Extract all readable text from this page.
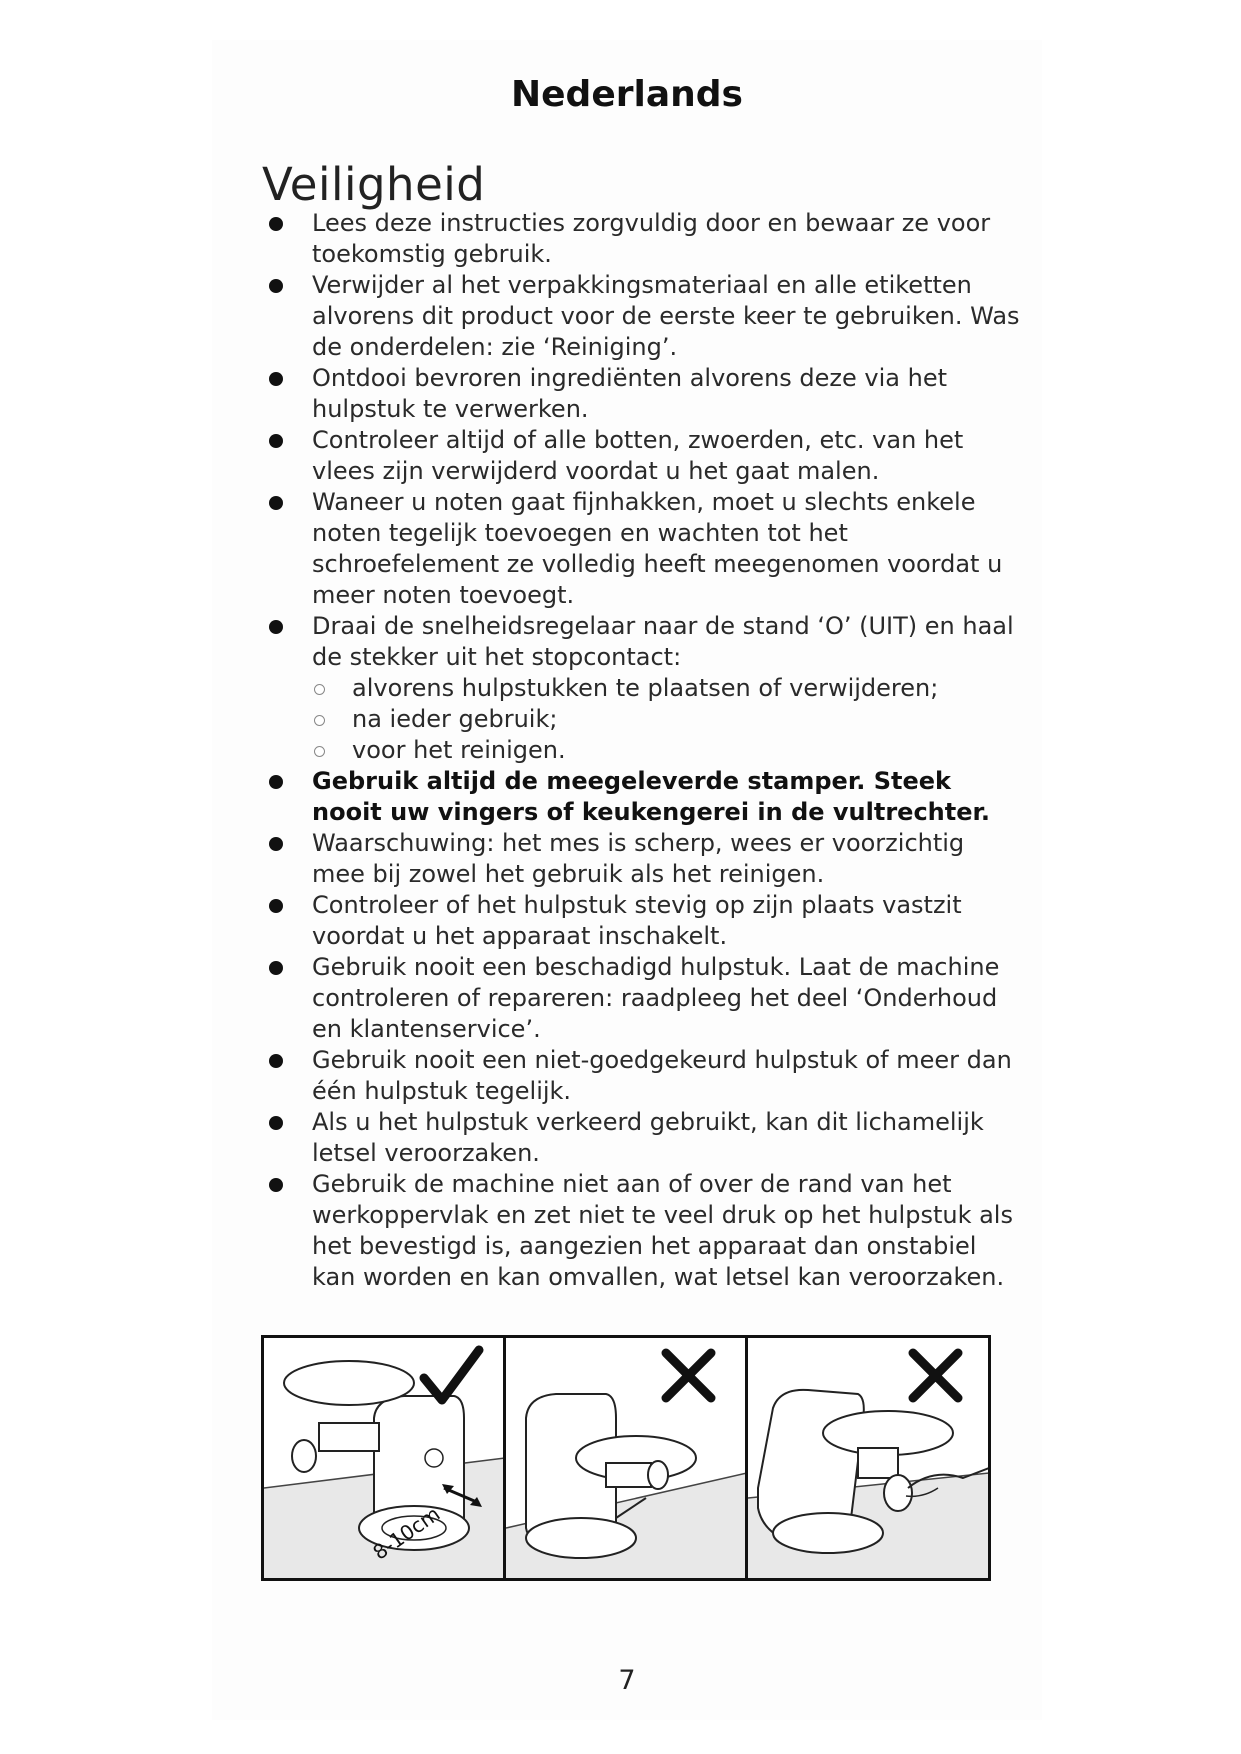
Nederlands
Veiligheid
Lees deze instructies zorgvuldig door en bewaar ze voor toekomstig gebruik.
Verwijder al het verpakkingsmateriaal en alle etiketten alvorens dit product voor de eerste keer te gebruiken. Was de onderdelen: zie ‘Reiniging’.
Ontdooi bevroren ingrediënten alvorens deze via het hulpstuk te verwerken.
Controleer altijd of alle botten, zwoerden, etc. van het vlees zijn verwijderd voordat u het gaat malen.
Waneer u noten gaat fijnhakken, moet u slechts enkele noten tegelijk toevoegen en wachten tot het schroefelement ze volledig heeft meegenomen voordat u meer noten toevoegt.
Draai de snelheidsregelaar naar de stand ‘O’ (UIT) en haal de stekker uit het stopcontact:
alvorens hulpstukken te plaatsen of verwijderen;
na ieder gebruik;
voor het reinigen.
Gebruik altijd de meegeleverde stamper. Steek nooit uw vingers of keukengerei in de vultrechter.
Waarschuwing: het mes is scherp, wees er voorzichtig mee bij zowel het gebruik als het reinigen.
Controleer of het hulpstuk stevig op zijn plaats vastzit voordat u het apparaat inschakelt.
Gebruik nooit een beschadigd hulpstuk. Laat de machine controleren of repareren: raadpleeg het deel ‘Onderhoud en klantenservice’.
Gebruik nooit een niet-goedgekeurd hulpstuk of meer dan één hulpstuk tegelijk.
Als u het hulpstuk verkeerd gebruikt, kan dit lichamelijk letsel veroorzaken.
Gebruik de machine niet aan of over de rand van het werkoppervlak en zet niet te veel druk op het hulpstuk als het bevestigd is, aangezien het apparaat dan onstabiel kan worden en kan omvallen, wat letsel kan veroorzaken.
8-10cm
7
